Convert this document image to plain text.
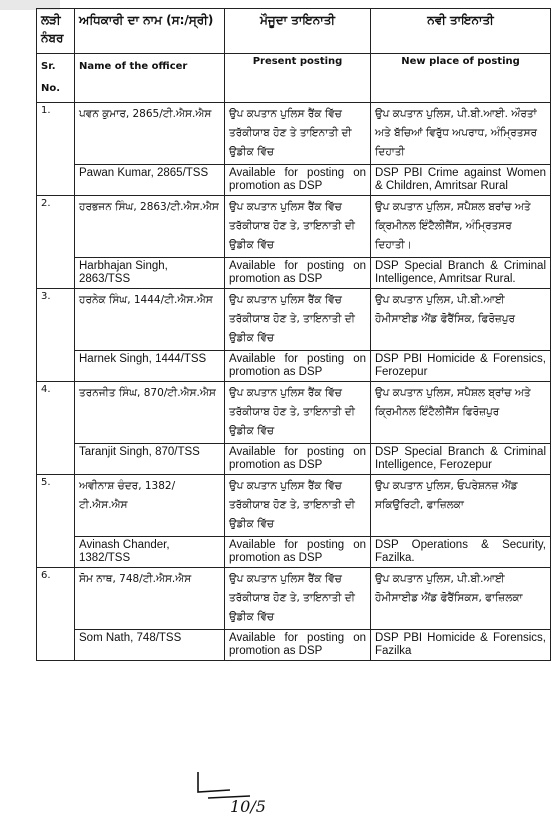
ਲੜੀ ਨੰਬਰ	ਅਧਿਕਾਰੀ ਦਾ ਨਾਮ (ਸ:/ਸ੍ਰੀ)	ਮੌਜੂਦਾ ਤਾਇਨਾਤੀ	ਨਵੀ ਤਾਇਨਾਤੀ
Sr. No.	Name of the officer	Present posting	New place of posting
1.	ਪਵਨ ਕੁਮਾਰ, 2865/ਟੀ.ਐਸ.ਐਸ	ਉਪ ਕਪਤਾਨ ਪੁਲਿਸ ਰੈਂਕ ਵਿੱਚ ਤਰੱਕੀਯਾਬ ਹੋਣ ਤੇ ਤਾਇਨਾਤੀ ਦੀ ਉਡੀਕ ਵਿੱਚ	ਉਪ ਕਪਤਾਨ ਪੁਲਿਸ, ਪੀ.ਬੀ.ਆਈ. ਔਰਤਾਂ ਅਤੇ ਬੱਚਿਆਂ ਵਿਰੁੱਧ ਅਪਰਾਧ, ਅੰਮ੍ਰਿਤਸਰ ਦਿਹਾਤੀ
	Pawan Kumar, 2865/TSS	Available for posting on promotion as DSP	DSP PBI Crime against Women & Children, Amritsar Rural
2.	ਹਰਭਜਨ ਸਿੰਘ, 2863/ਟੀ.ਐਸ.ਐਸ	ਉਪ ਕਪਤਾਨ ਪੁਲਿਸ ਰੈਂਕ ਵਿੱਚ ਤਰੱਕੀਯਾਬ ਹੋਣ ਤੇ, ਤਾਇਨਾਤੀ ਦੀ ਉਡੀਕ ਵਿੱਚ	ਉਪ ਕਪਤਾਨ ਪੁਲਿਸ, ਸਪੈਸ਼ਲ ਬਰਾਂਚ ਅਤੇ ਕ੍ਰਿਮੀਨਲ ਇੰਟੈਲੀਜੈਂਸ, ਅੰਮ੍ਰਿਤਸਰ ਦਿਹਾਤੀ।
	Harbhajan Singh, 2863/TSS	Available for posting on promotion as DSP	DSP Special Branch & Criminal Intelligence, Amritsar Rural.
3.	ਹਰਨੇਕ ਸਿੰਘ, 1444/ਟੀ.ਐਸ.ਐਸ	ਉਪ ਕਪਤਾਨ ਪੁਲਿਸ ਰੈਂਕ ਵਿੱਚ ਤਰੱਕੀਯਾਬ ਹੋਣ ਤੇ, ਤਾਇਨਾਤੀ ਦੀ ਉਡੀਕ ਵਿੱਚ	ਉਪ ਕਪਤਾਨ ਪੁਲਿਸ, ਪੀ.ਬੀ.ਆਈ ਹੋਮੀਸਾਈਡ ਐਂਡ ਫੋਰੈਂਸਿਕ, ਫਿਰੋਜ਼ਪੁਰ
	Harnek Singh, 1444/TSS	Available for posting on promotion as DSP	DSP PBI Homicide & Forensics, Ferozepur
4.	ਤਰਨਜੀਤ ਸਿੰਘ, 870/ਟੀ.ਐਸ.ਐਸ	ਉਪ ਕਪਤਾਨ ਪੁਲਿਸ ਰੈਂਕ ਵਿੱਚ ਤਰੱਕੀਯਾਬ ਹੋਣ ਤੇ, ਤਾਇਨਾਤੀ ਦੀ ਉਡੀਕ ਵਿੱਚ	ਉਪ ਕਪਤਾਨ ਪੁਲਿਸ, ਸਪੈਸ਼ਲ ਬ੍ਰਾਂਚ ਅਤੇ ਕ੍ਰਿਮੀਨਲ ਇੰਟੈਲੀਜੈਂਸ ਫਿਰੋਜ਼ਪੁਰ
	Taranjit Singh, 870/TSS	Available for posting on promotion as DSP	DSP Special Branch & Criminal Intelligence, Ferozepur
5.	ਅਵੀਨਾਸ਼ ਚੰਦਰ, 1382/ਟੀ.ਐਸ.ਐਸ	ਉਪ ਕਪਤਾਨ ਪੁਲਿਸ ਰੈਂਕ ਵਿੱਚ ਤਰੱਕੀਯਾਬ ਹੋਣ ਤੇ, ਤਾਇਨਾਤੀ ਦੀ ਉਡੀਕ ਵਿੱਚ	ਉਪ ਕਪਤਾਨ ਪੁਲਿਸ, ਓਪਰੇਸ਼ਨਜ਼ ਐਂਡ ਸਕਿਉਰਿਟੀ, ਫਾਜ਼ਿਲਕਾ
	Avinash Chander, 1382/TSS	Available for posting on promotion as DSP	DSP Operations & Security, Fazilka.
6.	ਸੋਮ ਨਾਥ, 748/ਟੀ.ਐਸ.ਐਸ	ਉਪ ਕਪਤਾਨ ਪੁਲਿਸ ਰੈਂਕ ਵਿੱਚ ਤਰੱਕੀਯਾਬ ਹੋਣ ਤੇ, ਤਾਇਨਾਤੀ ਦੀ ਉਡੀਕ ਵਿੱਚ	ਉਪ ਕਪਤਾਨ ਪੁਲਿਸ, ਪੀ.ਬੀ.ਆਈ ਹੋਮੀਸਾਈਡ ਐਂਡ ਫੋਰੈਂਸਿਕਸ, ਫਾਜ਼ਿਲਕਾ
	Som Nath, 748/TSS	Available for posting on promotion as DSP	DSP PBI Homicide & Forensics, Fazilka
10/5
